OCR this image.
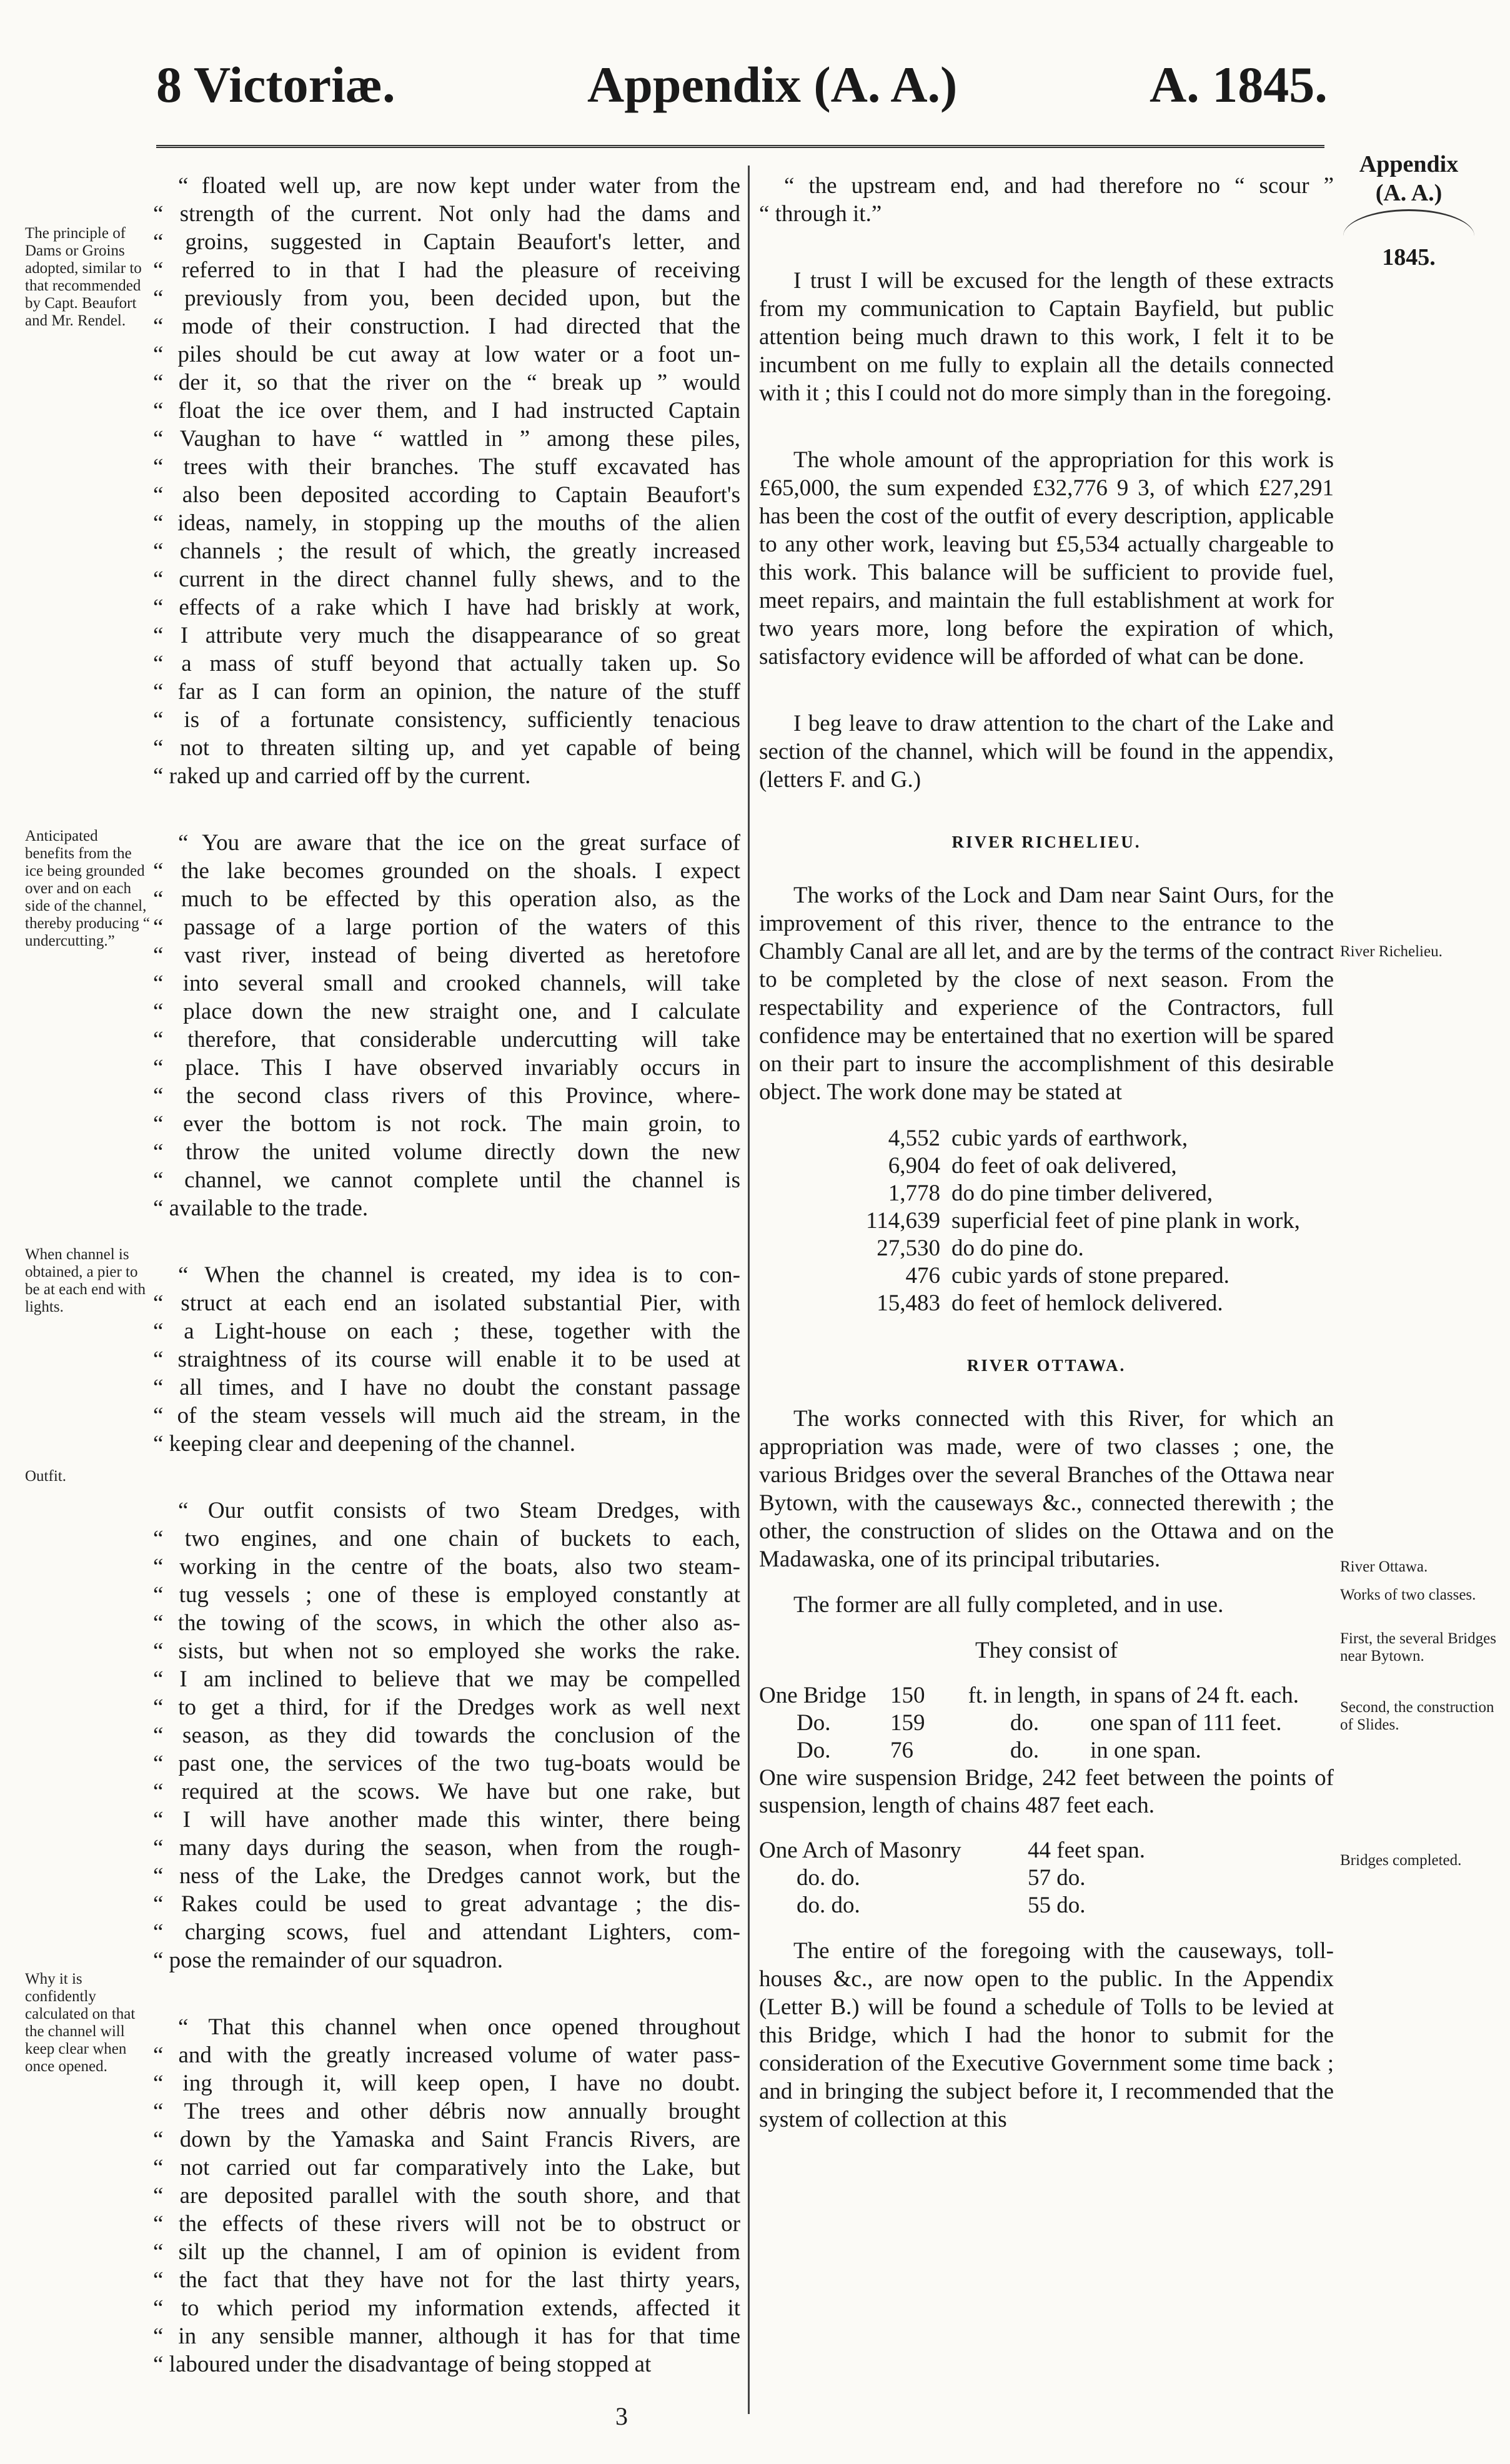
8 Victoriæ.	Appendix (A. A.)	A. 1845.
Appendix
(A. A.)
1845.
“ floated well up, are now kept under water from the
“ strength of the current. Not only had the dams and
“ groins, suggested in Captain Beaufort's letter, and
“ referred to in that I had the pleasure of receiving
“ previously from you, been decided upon, but the
“ mode of their construction. I had directed that the
“ piles should be cut away at low water or a foot un-
“ der it, so that the river on the “ break up ” would
“ float the ice over them, and I had instructed Captain
“ Vaughan to have “ wattled in ” among these piles,
“ trees with their branches. The stuff excavated has
“ also been deposited according to Captain Beaufort's
“ ideas, namely, in stopping up the mouths of the alien
“ channels ; the result of which, the greatly increased
“ current in the direct channel fully shews, and to the
“ effects of a rake which I have had briskly at work,
“ I attribute very much the disappearance of so great
“ a mass of stuff beyond that actually taken up. So
“ far as I can form an opinion, the nature of the stuff
“ is of a fortunate consistency, sufficiently tenacious
“ not to threaten silting up, and yet capable of being
“ raked up and carried off by the current.
“ You are aware that the ice on the great surface of
“ the lake becomes grounded on the shoals. I expect
“ much to be effected by this operation also, as the
“ passage of a large portion of the waters of this
“ vast river, instead of being diverted as heretofore
“ into several small and crooked channels, will take
“ place down the new straight one, and I calculate
“ therefore, that considerable undercutting will take
“ place. This I have observed invariably occurs in
“ the second class rivers of this Province, where-
“ ever the bottom is not rock. The main groin, to
“ throw the united volume directly down the new
“ channel, we cannot complete until the channel is
“ available to the trade.
“ When the channel is created, my idea is to con-
“ struct at each end an isolated substantial Pier, with
“ a Light-house on each ; these, together with the
“ straightness of its course will enable it to be used at
“ all times, and I have no doubt the constant passage
“ of the steam vessels will much aid the stream, in the
“ keeping clear and deepening of the channel.
“ Our outfit consists of two Steam Dredges, with
“ two engines, and one chain of buckets to each,
“ working in the centre of the boats, also two steam-
“ tug vessels ; one of these is employed constantly at
“ the towing of the scows, in which the other also as-
“ sists, but when not so employed she works the rake.
“ I am inclined to believe that we may be compelled
“ to get a third, for if the Dredges work as well next
“ season, as they did towards the conclusion of the
“ past one, the services of the two tug-boats would be
“ required at the scows. We have but one rake, but
“ I will have another made this winter, there being
“ many days during the season, when from the rough-
“ ness of the Lake, the Dredges cannot work, but the
“ Rakes could be used to great advantage ; the dis-
“ charging scows, fuel and attendant Lighters, com-
“ pose the remainder of our squadron.
“ That this channel when once opened throughout
“ and with the greatly increased volume of water pass-
“ ing through it, will keep open, I have no doubt.
“ The trees and other débris now annually brought
“ down by the Yamaska and Saint Francis Rivers, are
“ not carried out far comparatively into the Lake, but
“ are deposited parallel with the south shore, and that
“ the effects of these rivers will not be to obstruct or
“ silt up the channel, I am of opinion is evident from
“ the fact that they have not for the last thirty years,
“ to which period my information extends, affected it
“ in any sensible manner, although it has for that time
“ laboured under the disadvantage of being stopped at
The principle of Dams or Groins adopted, similar to that recommended by Capt. Beaufort and Mr. Rendel.
Anticipated benefits from the ice being grounded over and on each side of the channel, thereby producing “ undercutting.”
When channel is obtained, a pier to be at each end with lights.
Outfit.
Why it is confidently calculated on that the channel will keep clear when once opened.
“ the upstream end, and had therefore no “ scour ”
“ through it.”
I trust I will be excused for the length of these extracts from my communication to Captain Bayfield, but public attention being much drawn to this work, I felt it to be incumbent on me fully to explain all the details connected with it ; this I could not do more simply than in the foregoing.
The whole amount of the appropriation for this work is £65,000, the sum expended £32,776 9 3, of which £27,291 has been the cost of the outfit of every description, applicable to any other work, leaving but £5,534 actually chargeable to this work. This balance will be sufficient to provide fuel, meet repairs, and maintain the full establishment at work for two years more, long before the expiration of which, satisfactory evidence will be afforded of what can be done.
I beg leave to draw attention to the chart of the Lake and section of the channel, which will be found in the appendix, (letters F. and G.)
RIVER RICHELIEU.
The works of the Lock and Dam near Saint Ours, for the improvement of this river, thence to the entrance to the Chambly Canal are all let, and are by the terms of the contract to be completed by the close of next season. From the respectability and experience of the Contractors, full confidence may be entertained that no exertion will be spared on their part to insure the accomplishment of this desirable object. The work done may be stated at
4,552 cubic yards of earthwork,
6,904 do feet of oak delivered,
1,778 do do pine timber delivered,
114,639 superficial feet of pine plank in work,
27,530 do do pine do.
476 cubic yards of stone prepared.
15,483 do feet of hemlock delivered.
RIVER OTTAWA.
The works connected with this River, for which an appropriation was made, were of two classes ; one, the various Bridges over the several Branches of the Ottawa near Bytown, with the causeways &c., connected therewith ; the other, the construction of slides on the Ottawa and on the Madawaska, one of its principal tributaries.
The former are all fully completed, and in use.
They consist of
One Bridge	150	ft. in length, in spans of 24 ft. each.
Do.	159	do.	one span of 111 feet.
Do.	76	do.	in one span.
One wire suspension Bridge, 242 feet between the points of suspension, length of chains 487 feet each.
One Arch of Masonry	44 feet span.
do. do.	57 do.
do. do.	55 do.
The entire of the foregoing with the causeways, toll-houses &c., are now open to the public. In the Appendix (Letter B.) will be found a schedule of Tolls to be levied at this Bridge, which I had the honor to submit for the consideration of the Executive Government some time back ; and in bringing the subject before it, I recommended that the system of collection at this
River Richelieu.
River Ottawa.
Works of two classes.
First, the several Bridges near Bytown.
Second, the construction of Slides.
Bridges completed.
3
